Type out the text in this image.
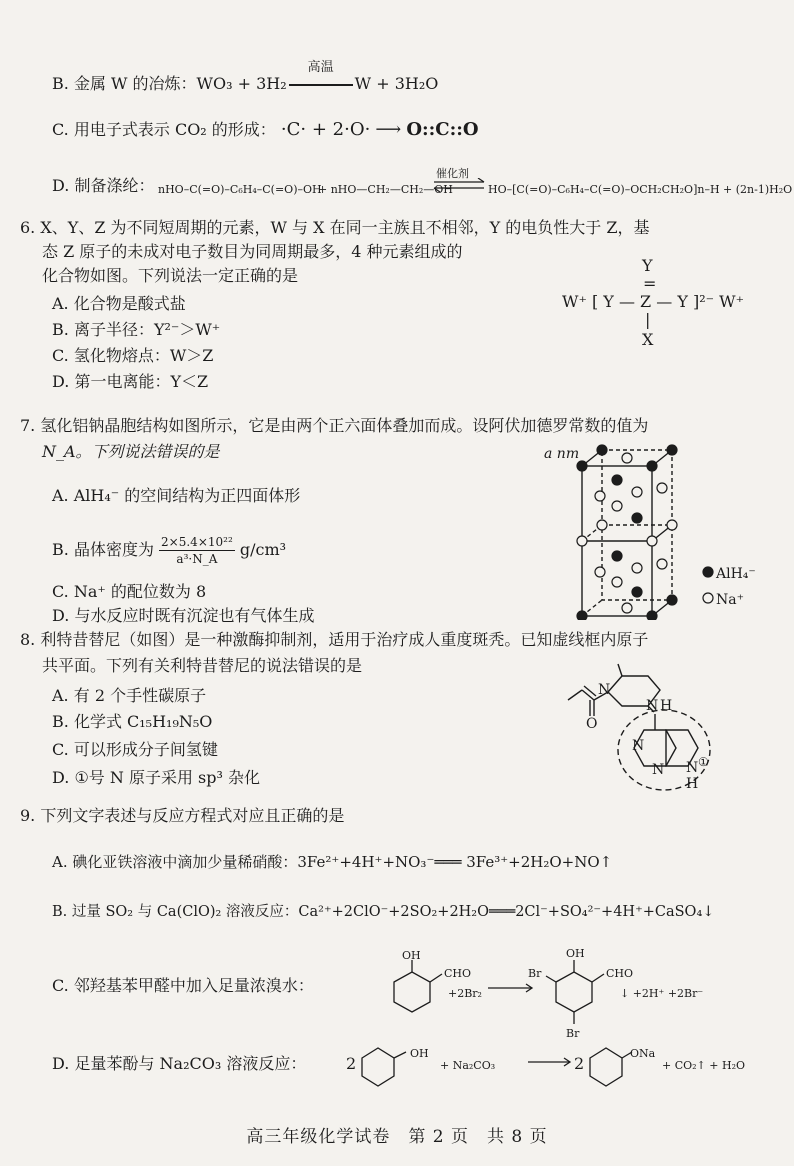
B. 金属 W 的冶炼：WO₃ + 3H₂
高温
W + 3H₂O
C. 用电子式表示 CO₂ 的形成： ·C· + 2·O· ⟶ O::C::O
D. 制备涤纶： nHO–C(=O)–C₆H₄–C(=O)–OH
+ nHO—CH₂—CH₂—OH
催化剂
⇌ HO–[C(=O)–C₆H₄–C(=O)–OCH₂CH₂O]n–H + (2n-1)H₂O
6. X、Y、Z 为不同短周期的元素，W 与 X 在同一主族且不相邻，Y 的电负性大于 Z，基
态 Z 原子的未成对电子数目为同周期最多，4 种元素组成的
化合物如图。下列说法一定正确的是
A. 化合物是酸式盐
B. 离子半径：Y²⁻＞W⁺
C. 氢化物熔点：W＞Z
D. 第一电离能：Y＜Z
Y
=
W⁺ [ Y — Z — Y ]²⁻ W⁺
|
X
7. 氢化铝钠晶胞结构如图所示，它是由两个正六面体叠加而成。设阿伏加德罗常数的值为
N_A。下列说法错误的是
A. AlH₄⁻ 的空间结构为正四面体形
B. 晶体密度为 $\frac{\text{2×5.4×10²²}}{\text{a³·N\_A}} g/cm^3$
C. Na⁺ 的配位数为 8
D. 与水反应时既有沉淀也有气体生成
a nm
AlH₄⁻
Na⁺
8. 利特昔替尼（如图）是一种激酶抑制剂，适用于治疗成人重度斑秃。已知虚线框内原子
共平面。下列有关利特昔替尼的说法错误的是
A. 有 2 个手性碳原子
B. 化学式 C₁₅H₁₉N₅O
C. 可以形成分子间氢键
D. ①号 N 原子采用 sp³ 杂化
N
O
N H
N
N N ①
H
9. 下列文字表述与反应方程式对应且正确的是
A. 碘化亚铁溶液中滴加少量稀硝酸：3Fe²⁺+4H⁺+NO₃⁻═══ 3Fe³⁺+2H₂O+NO↑
B. 过量 SO₂ 与 Ca(ClO)₂ 溶液反应：Ca²⁺+2ClO⁻+2SO₂+2H₂O═══2Cl⁻+SO₄²⁻+4H⁺+CaSO₄↓
C. 邻羟基苯甲醛中加入足量浓溴水：
OH
CHO
+2Br₂
OH
CHO
Br
Br
↓ +2H⁺ +2Br⁻
D. 足量苯酚与 Na₂CO₃ 溶液反应： 2
OH
+ Na₂CO₃	2
ONa
+ CO₂↑ + H₂O
高三年级化学试卷　第 2 页　共 8 页
